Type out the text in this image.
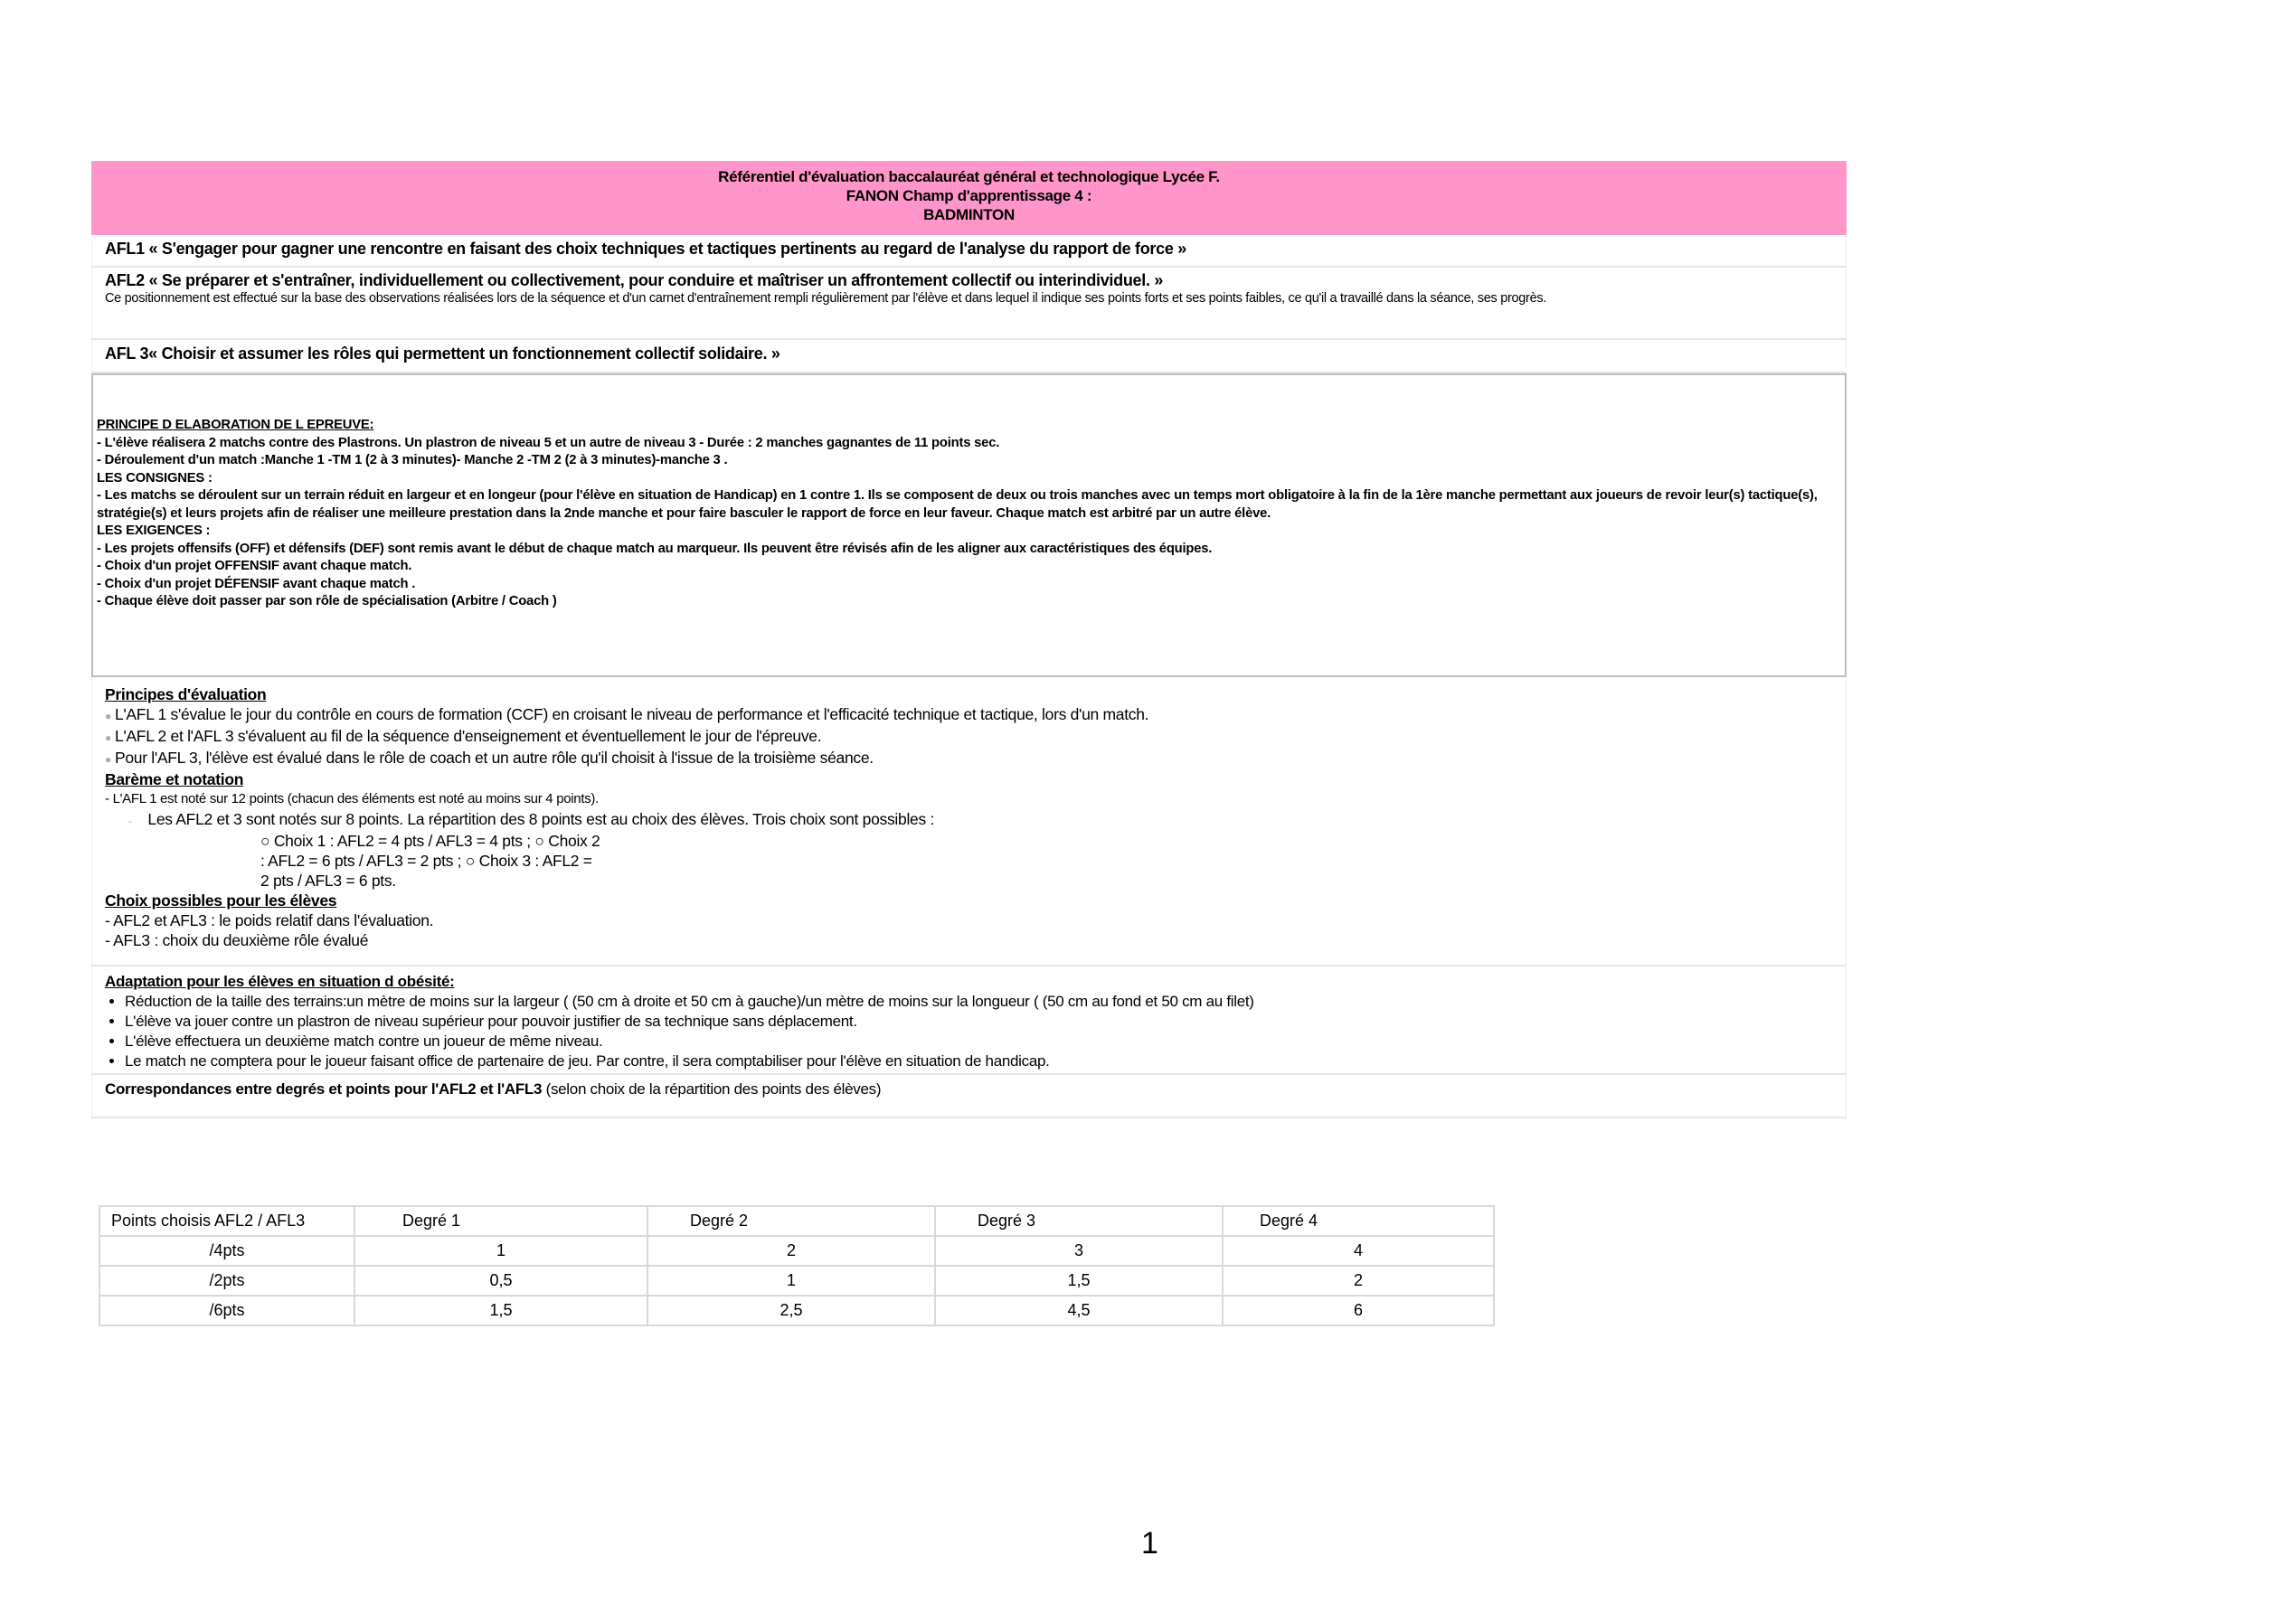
Référentiel d'évaluation baccalauréat général et technologique Lycée F.
FANON Champ d'apprentissage 4 :
BADMINTON
AFL1 « S'engager pour gagner une rencontre en faisant des choix techniques et tactiques pertinents au regard de l'analyse du rapport de force »
AFL2 « Se préparer et s'entraîner, individuellement ou collectivement, pour conduire et maîtriser un affrontement collectif ou interindividuel. »
Ce positionnement est effectué sur la base des observations réalisées lors de la séquence et d'un carnet d'entraînement rempli régulièrement par l'élève et dans lequel il indique ses points forts et ses points faibles, ce qu'il a travaillé dans la séance, ses progrès.
AFL 3« Choisir et assumer les rôles qui permettent un fonctionnement collectif solidaire. »
PRINCIPE D ELABORATION DE L EPREUVE:
- L'élève réalisera 2 matchs contre des Plastrons. Un plastron de niveau 5 et un autre de niveau 3 - Durée : 2 manches gagnantes de 11 points sec.
- Déroulement d'un match :Manche 1 -TM 1 (2 à 3 minutes)- Manche 2 -TM 2 (2 à 3 minutes)-manche 3 .
LES CONSIGNES :
- Les matchs se déroulent sur un terrain réduit en largeur et en longeur (pour l'élève en situation de Handicap) en 1 contre 1. Ils se composent de deux ou trois manches avec un temps mort obligatoire à la fin de la 1ère manche permettant aux joueurs de revoir leur(s) tactique(s), stratégie(s) et leurs projets afin de réaliser une meilleure prestation dans la 2nde manche et pour faire basculer le rapport de force en leur faveur. Chaque match est arbitré par un autre élève.
LES EXIGENCES :
- Les projets offensifs (OFF) et défensifs (DEF) sont remis avant le début de chaque match au marqueur. Ils peuvent être révisés afin de les aligner aux caractéristiques des équipes.
- Choix d'un projet OFFENSIF avant chaque match.
- Choix d'un projet DÉFENSIF avant chaque match .
- Chaque élève doit passer par son rôle de spécialisation (Arbitre / Coach )
Principes d'évaluation
● L'AFL 1 s'évalue le jour du contrôle en cours de formation (CCF) en croisant le niveau de performance et l'efficacité technique et tactique, lors d'un match.
● L'AFL 2 et l'AFL 3 s'évaluent au fil de la séquence d'enseignement et éventuellement le jour de l'épreuve.
● Pour l'AFL 3, l'élève est évalué dans le rôle de coach et un autre rôle qu'il choisit à l'issue de la troisième séance.
Barème et notation
- L'AFL 1 est noté sur 12 points (chacun des éléments est noté au moins sur 4 points).
- Les AFL2 et 3 sont notés sur 8 points. La répartition des 8 points est au choix des élèves. Trois choix sont possibles :
○ Choix 1 : AFL2 = 4 pts / AFL3 = 4 pts ; ○ Choix 2 : AFL2 = 6 pts / AFL3 = 2 pts ; ○ Choix 3 : AFL2 = 2 pts / AFL3 = 6 pts.
Choix possibles pour les élèves
- AFL2 et AFL3 : le poids relatif dans l'évaluation.
- AFL3 : choix du deuxième rôle évalué
Adaptation pour les élèves en situation d obésité:
• Réduction de la taille des terrains:un mètre de moins sur la largeur ( (50 cm à droite et 50 cm à gauche)/un mètre de moins sur la longueur ( (50 cm au fond et 50 cm au filet)
• L'élève va jouer contre un plastron de niveau supérieur pour pouvoir justifier de sa technique sans déplacement.
• L'élève effectuera un deuxième match contre un joueur de même niveau.
• Le match ne comptera pour le joueur faisant office de partenaire de jeu. Par contre, il sera comptabiliser pour l'élève en situation de handicap.
Correspondances entre degrés et points pour l'AFL2 et l'AFL3 (selon choix de la répartition des points des élèves)
Points choisis AFL2 / AFL3	Degré 1	Degré 2	Degré 3	Degré 4
/4pts	1	2	3	4
/2pts	0,5	1	1,5	2
/6pts	1,5	2,5	4,5	6
1
